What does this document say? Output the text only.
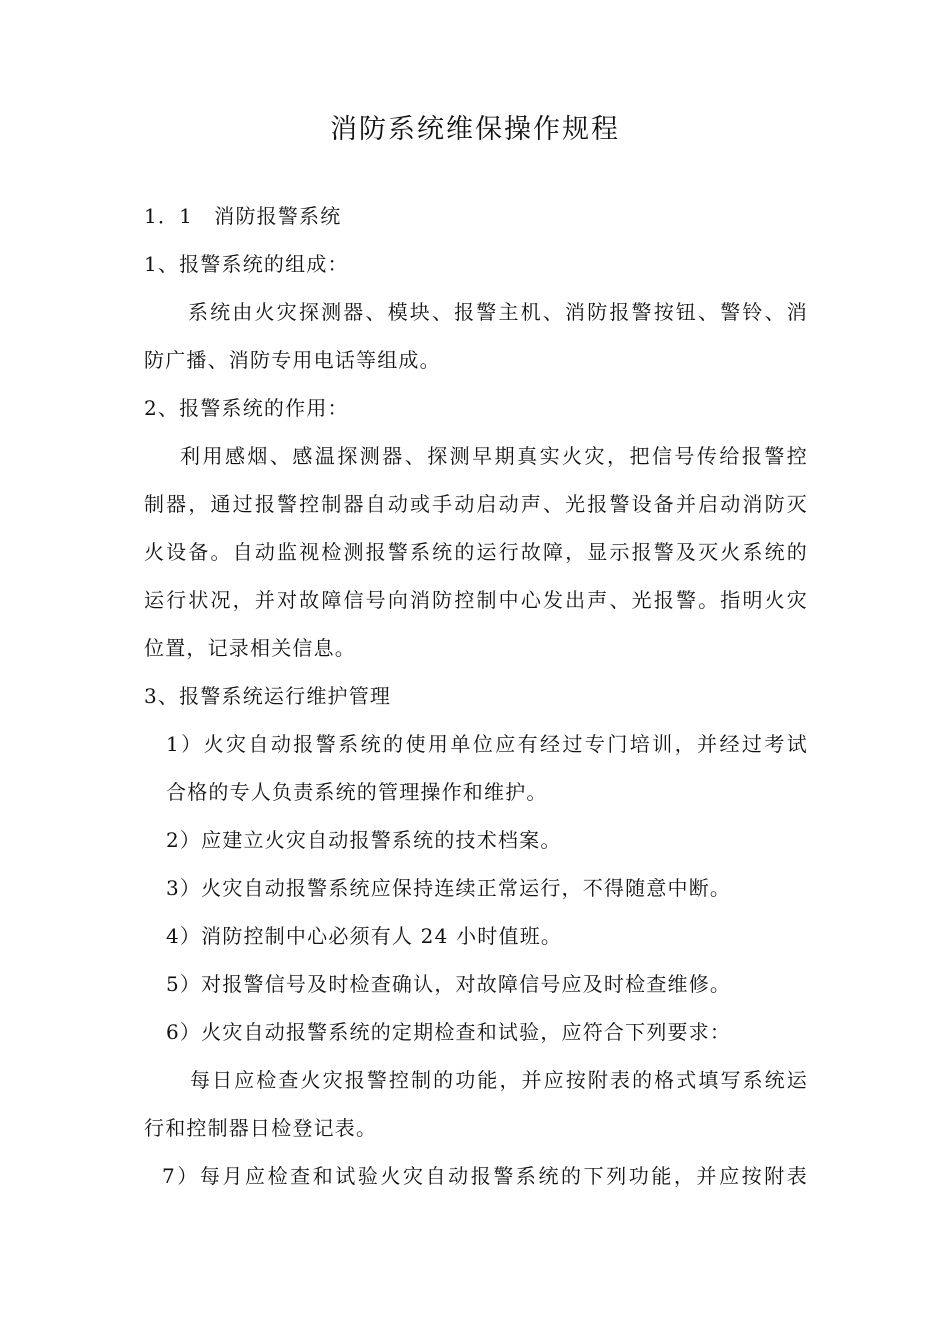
消防系统维保操作规程
1．1　消防报警系统
1、报警系统的组成：
系统由火灾探测器、模块、报警主机、消防报警按钮、警铃、消
防广播、消防专用电话等组成。
2、报警系统的作用：
利用感烟、感温探测器、探测早期真实火灾，把信号传给报警控
制器，通过报警控制器自动或手动启动声、光报警设备并启动消防灭
火设备。自动监视检测报警系统的运行故障，显示报警及灭火系统的
运行状况，并对故障信号向消防控制中心发出声、光报警。指明火灾
位置，记录相关信息。
3、报警系统运行维护管理
1）火灾自动报警系统的使用单位应有经过专门培训，并经过考试
合格的专人负责系统的管理操作和维护。
2）应建立火灾自动报警系统的技术档案。
3）火灾自动报警系统应保持连续正常运行，不得随意中断。
4）消防控制中心必须有人 24 小时值班。
5）对报警信号及时检查确认，对故障信号应及时检查维修。
6）火灾自动报警系统的定期检查和试验，应符合下列要求：
每日应检查火灾报警控制的功能，并应按附表的格式填写系统运
行和控制器日检登记表。
7）每月应检查和试验火灾自动报警系统的下列功能，并应按附表
